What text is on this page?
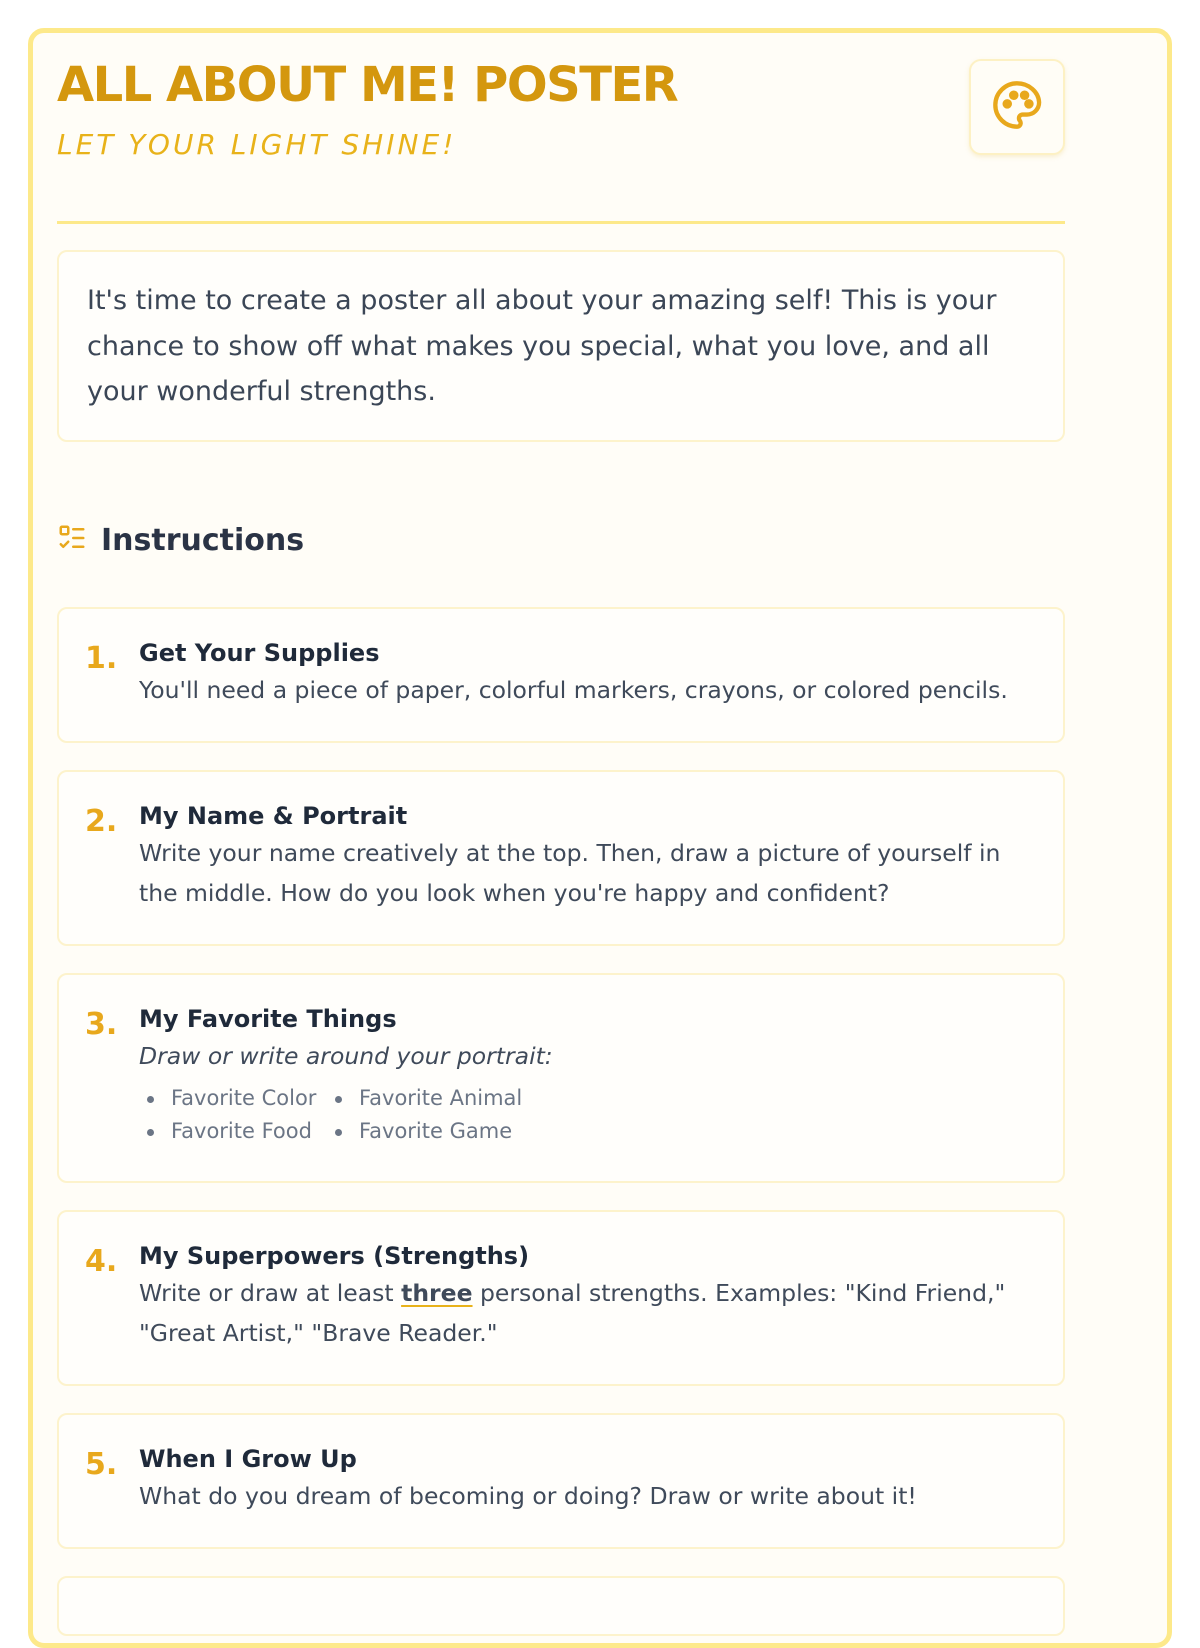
ALL ABOUT ME! POSTER
LET YOUR LIGHT SHINE!
It's time to create a poster all about your amazing self! This is your chance to show off what makes you special, what you love, and all your wonderful strengths.
Instructions
1. Get Your Supplies
You'll need a piece of paper, colorful markers, crayons, or colored pencils.
2. My Name & Portrait
Write your name creatively at the top. Then, draw a picture of yourself in the middle. How do you look when you're happy and confident?
3. My Favorite Things
Draw or write around your portrait:
Favorite Color	Favorite Animal
Favorite Food	Favorite Game
4. My Superpowers (Strengths)
Write or draw at least three personal strengths. Examples: "Kind Friend," "Great Artist," "Brave Reader."
5. When I Grow Up
What do you dream of becoming or doing? Draw or write about it!
